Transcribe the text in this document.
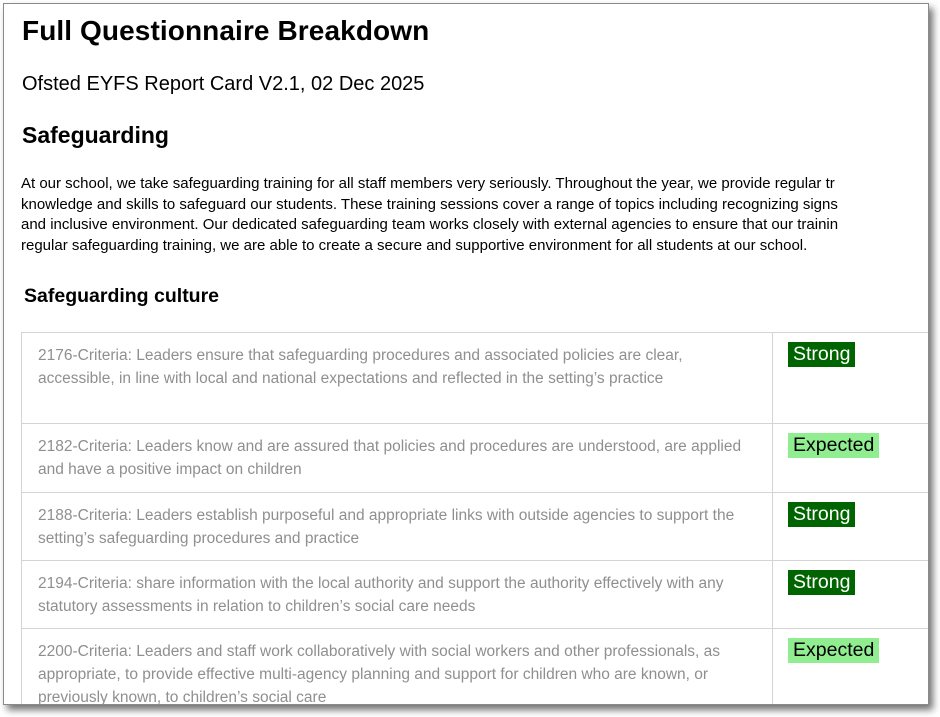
Full Questionnaire Breakdown
Ofsted EYFS Report Card V2.1, 02 Dec 2025
Safeguarding
At our school, we take safeguarding training for all staff members very seriously. Throughout the year, we provide regular tr
knowledge and skills to safeguard our students. These training sessions cover a range of topics including recognizing signs
and inclusive environment. Our dedicated safeguarding team works closely with external agencies to ensure that our trainin
regular safeguarding training, we are able to create a secure and supportive environment for all students at our school.
Safeguarding culture
2176-Criteria: Leaders ensure that safeguarding procedures and associated policies are clear, accessible, in line with local and national expectations and reflected in the setting’s practice	Strong
2182-Criteria: Leaders know and are assured that policies and procedures are understood, are applied and have a positive impact on children	Expected
2188-Criteria: Leaders establish purposeful and appropriate links with outside agencies to support the setting’s safeguarding procedures and practice	Strong
2194-Criteria: share information with the local authority and support the authority effectively with any statutory assessments in relation to children’s social care needs	Strong
2200-Criteria: Leaders and staff work collaboratively with social workers and other professionals, as appropriate, to provide effective multi-agency planning and support for children who are known, or previously known, to children’s social care	Expected
